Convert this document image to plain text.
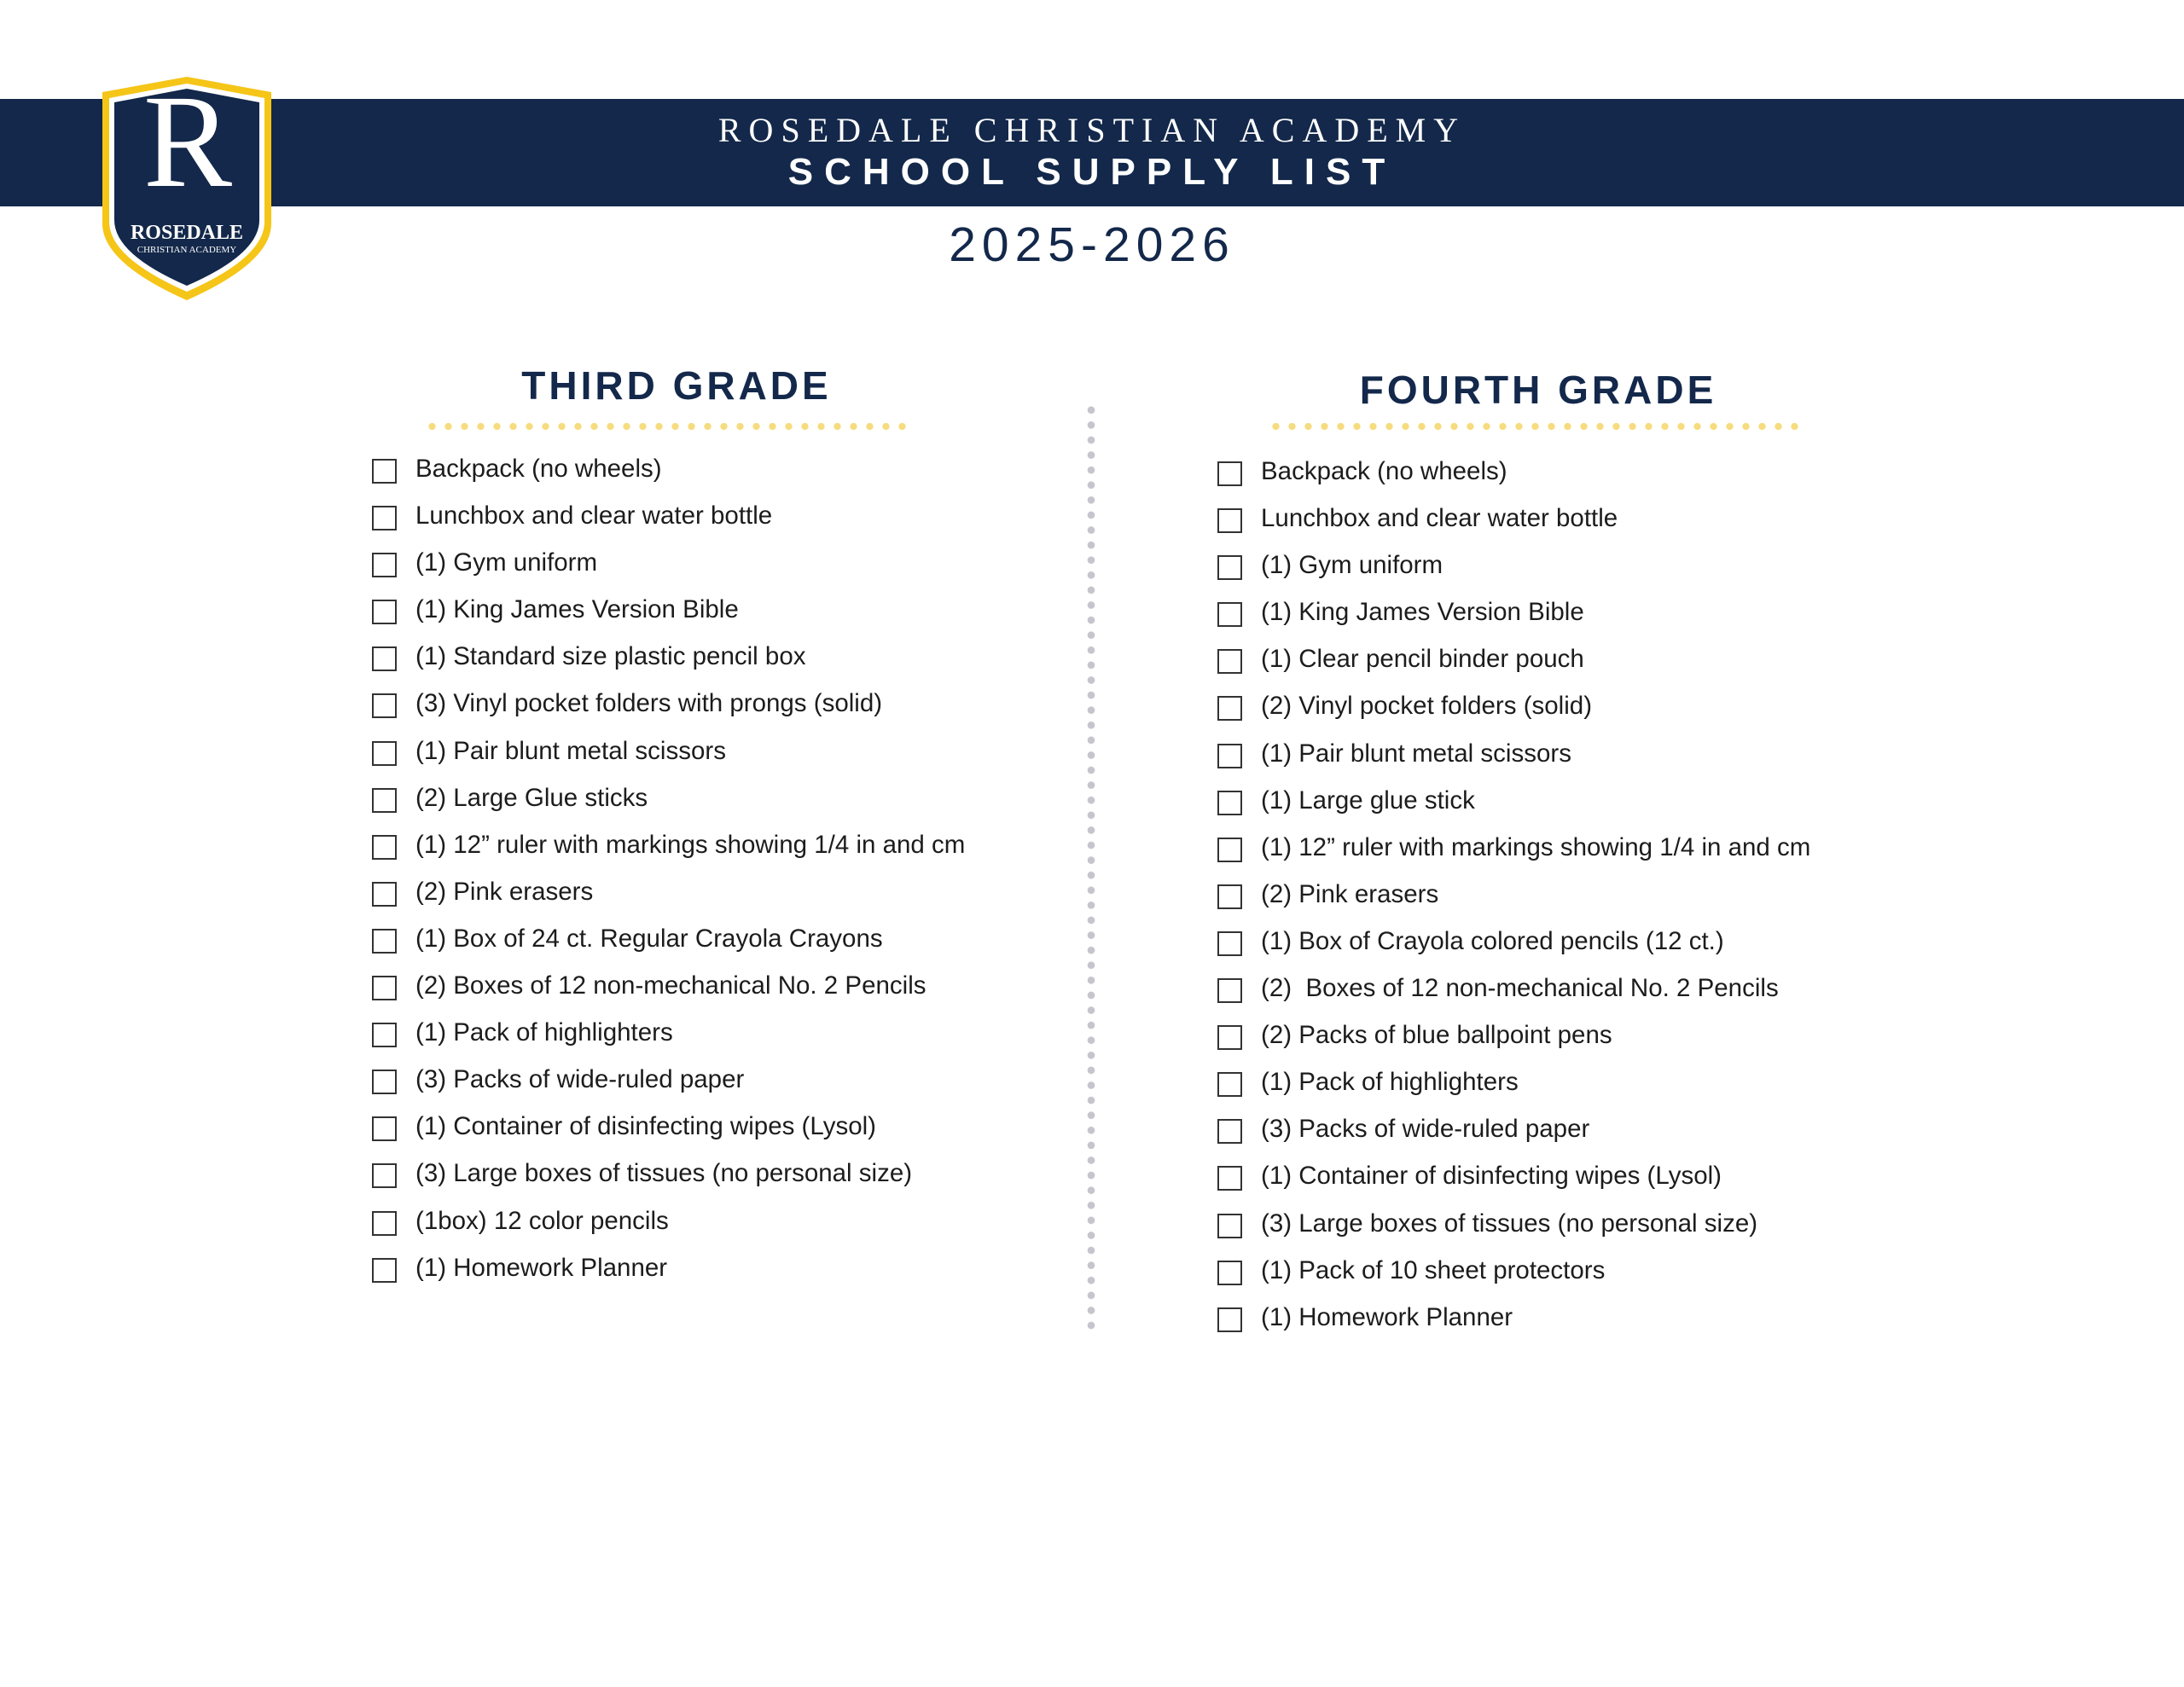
R
ROSEDALE
CHRISTIAN ACADEMY
ROSEDALE CHRISTIAN ACADEMY
SCHOOL SUPPLY LIST
2025-2026
THIRD GRADE	FOURTH GRADE
Backpack (no wheels)
Lunchbox and clear water bottle
(1) Gym uniform
(1) King James Version Bible
(1) Standard size plastic pencil box
(3) Vinyl pocket folders with prongs (solid)
(1) Pair blunt metal scissors
(2) Large Glue sticks
(1) 12” ruler with markings showing 1/4 in and cm
(2) Pink erasers
(1) Box of 24 ct. Regular Crayola Crayons
(2) Boxes of 12 non-mechanical No. 2 Pencils
(1) Pack of highlighters
(3) Packs of wide-ruled paper
(1) Container of disinfecting wipes (Lysol)
(3) Large boxes of tissues (no personal size)
(1box) 12 color pencils
(1) Homework Planner
Backpack (no wheels)
Lunchbox and clear water bottle
(1) Gym uniform
(1) King James Version Bible
(1) Clear pencil binder pouch
(2) Vinyl pocket folders (solid)
(1) Pair blunt metal scissors
(1) Large glue stick
(1) 12” ruler with markings showing 1/4 in and cm
(2) Pink erasers
(1) Box of Crayola colored pencils (12 ct.)
(2)  Boxes of 12 non-mechanical No. 2 Pencils
(2) Packs of blue ballpoint pens
(1) Pack of highlighters
(3) Packs of wide-ruled paper
(1) Container of disinfecting wipes (Lysol)
(3) Large boxes of tissues (no personal size)
(1) Pack of 10 sheet protectors
(1) Homework Planner
